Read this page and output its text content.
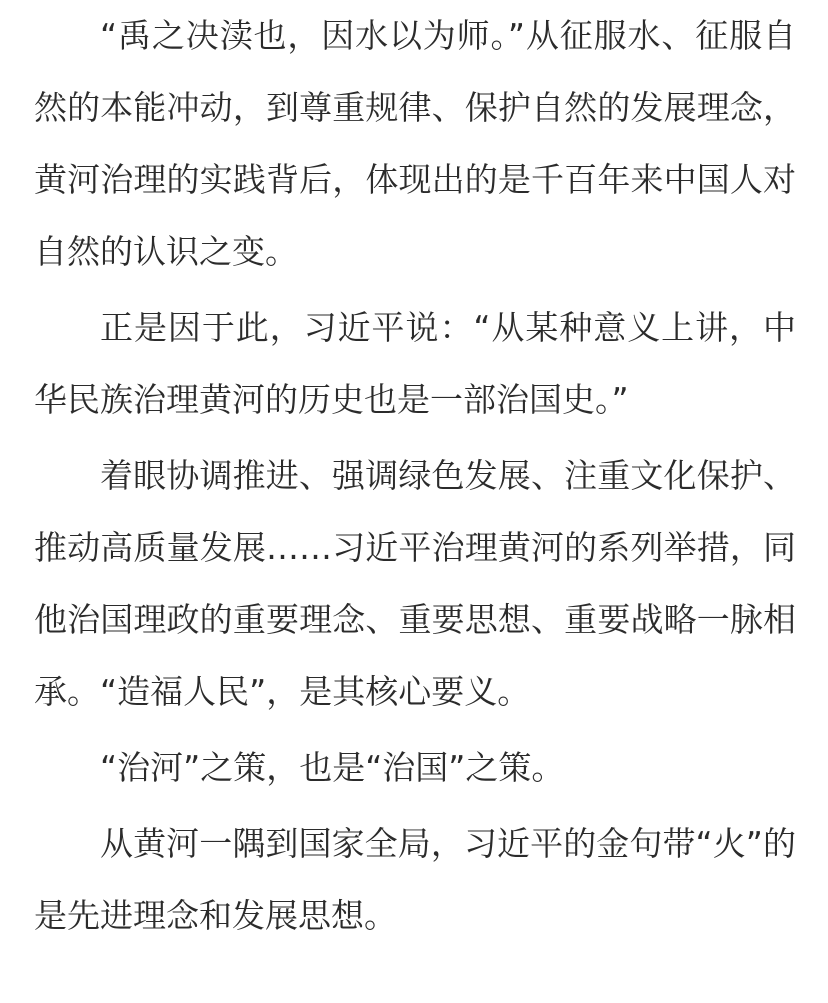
“禹之决渎也，因水以为师。”从征服水、征服自然的本能冲动，到尊重规律、保护自然的发展理念，黄河治理的实践背后，体现出的是千百年来中国人对自然的认识之变。

正是因于此，习近平说：“从某种意义上讲，中华民族治理黄河的历史也是一部治国史。”

着眼协调推进、强调绿色发展、注重文化保护、推动高质量发展……习近平治理黄河的系列举措，同他治国理政的重要理念、重要思想、重要战略一脉相承。“造福人民”，是其核心要义。

“治河”之策，也是“治国”之策。

从黄河一隅到国家全局，习近平的金句带“火”的是先进理念和发展思想。
